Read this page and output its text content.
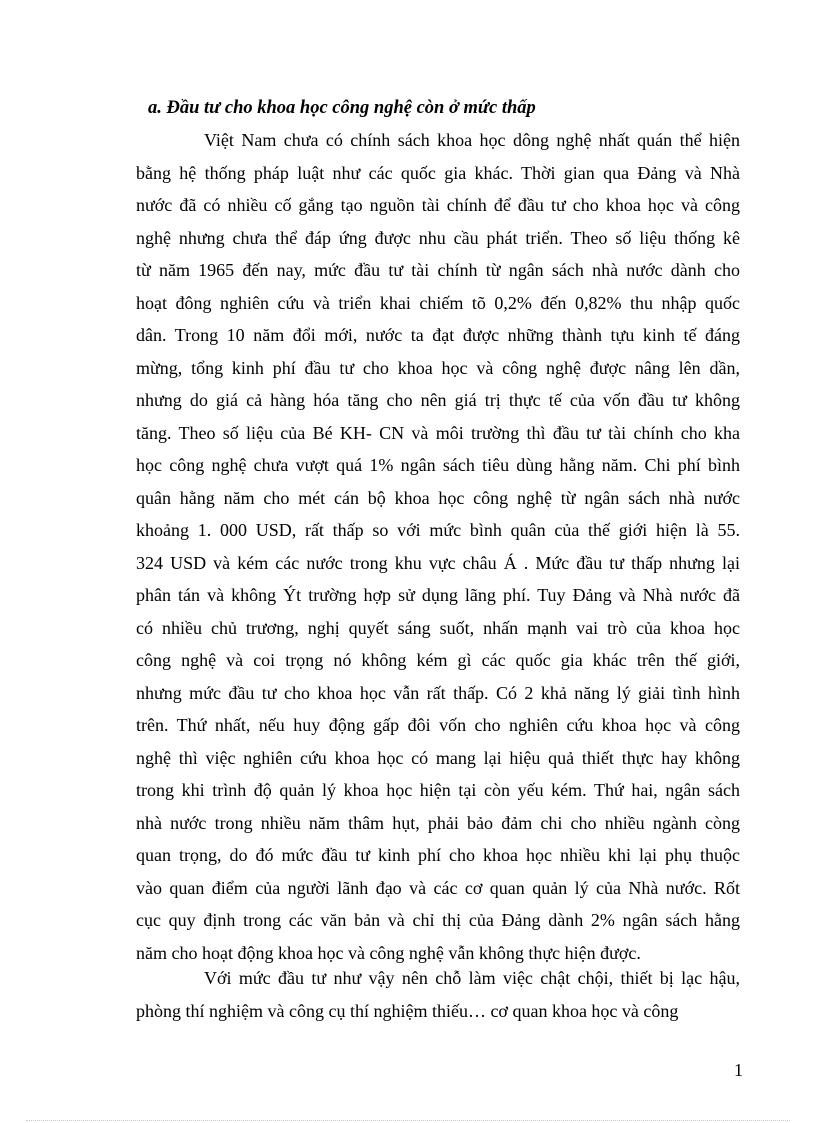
a. Đầu tư cho khoa học công nghệ còn ở mức thấp
Việt Nam chưa có chính sách khoa học dông nghệ nhất quán thể hiện
bằng hệ thống pháp luật như các quốc gia khác. Thời gian qua Đảng và Nhà
nước đã có nhiều cố gắng tạo nguồn tài chính để đầu tư cho khoa học và công
nghệ nhưng chưa thể đáp ứng được nhu cầu phát triển. Theo số liệu thống kê
từ năm 1965 đến nay, mức đầu tư tài chính từ ngân sách nhà nước dành cho
hoạt đông nghiên cứu và triển khai chiếm tõ 0,2% đến 0,82% thu nhập quốc
dân. Trong 10 năm đổi mới, nước ta đạt được những thành tựu kinh tế đáng
mừng, tổng kinh phí đầu tư cho khoa học và công nghệ được nâng lên dần,
nhưng do giá cả hàng hóa tăng cho nên giá trị thực tế của vốn đầu tư không
tăng. Theo số liệu của Bé KH- CN và môi trường thì đầu tư tài chính cho kha
học công nghệ chưa vượt quá 1% ngân sách tiêu dùng hằng năm. Chi phí bình
quân hằng năm cho mét cán bộ khoa học công nghệ từ ngân sách nhà nước
khoảng 1. 000 USD, rất thấp so với mức bình quân của thế giới hiện là 55.
324 USD và kém các nước trong khu vực châu Á . Mức đầu tư thấp nhưng lại
phân tán và không Ýt trường hợp sử dụng lãng phí. Tuy Đảng và Nhà nước đã
có nhiều chủ trương, nghị quyết sáng suốt, nhấn mạnh vai trò của khoa học
công nghệ và coi trọng nó không kém gì các quốc gia khác trên thế giới,
nhưng mức đầu tư cho khoa học vẫn rất thấp. Có 2 khả năng lý giải tình hình
trên. Thứ nhất, nếu huy động gấp đôi vốn cho nghiên cứu khoa học và công
nghệ thì việc nghiên cứu khoa học có mang lại hiệu quả thiết thực hay không
trong khi trình độ quản lý khoa học hiện tại còn yếu kém. Thứ hai, ngân sách
nhà nước trong nhiều năm thâm hụt, phải bảo đảm chi cho nhiều ngành còng
quan trọng, do đó mức đầu tư kinh phí cho khoa học nhiều khi lại phụ thuộc
vào quan điểm của người lãnh đạo và các cơ quan quản lý của Nhà nước. Rốt
cục quy định trong các văn bản và chỉ thị của Đảng dành 2% ngân sách hằng
năm cho hoạt động khoa học và công nghệ vẫn không thực hiện được.
Với mức đầu tư như vậy nên chỗ làm việc chật chội, thiết bị lạc hậu,
phòng thí nghiệm và công cụ thí nghiệm thiếu… cơ quan khoa học và công
1
